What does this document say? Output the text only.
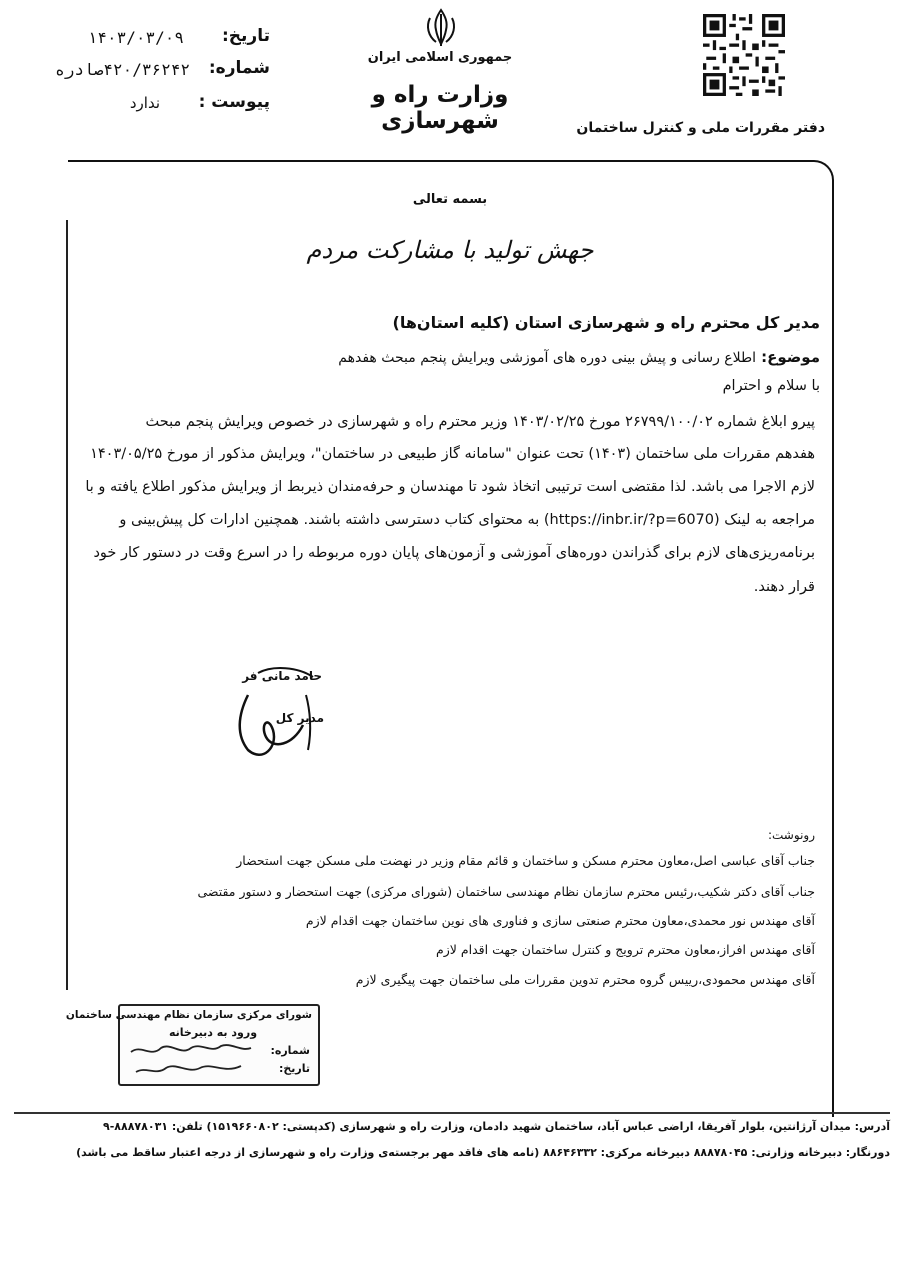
جمهوری اسلامی ایران
وزارت راه و شهرسازی	دفتر مقررات ملی و کنترل ساختمان
تاریخ:
۱۴۰۳/۰۳/۰۹
شماره:
۴۲۰/۳۶۲۴۲صادره
پیوست :
ندارد
بسمه تعالی
جهش تولید با مشارکت مردم
مدیر کل محترم راه و شهرسازی استان (کلیه استان‌ها)
موضوع: اطلاع رسانی و پیش بینی دوره های آموزشی ویرایش پنجم مبحث هفدهم
با سلام و احترام
پیرو ابلاغ شماره ۲۶۷۹۹/۱۰۰/۰۲ مورخ ۱۴۰۳/۰۲/۲۵ وزیر محترم راه و شهرسازی در خصوص ویرایش پنجم مبحث
هفدهم مقررات ملی ساختمان (۱۴۰۳) تحت عنوان "سامانه گاز طبیعی در ساختمان"، ویرایش مذکور از مورخ ۱۴۰۳/۰۵/۲۵
لازم الاجرا می باشد. لذا مقتضی است ترتیبی اتخاذ شود تا مهندسان و حرفه‌مندان ذیربط از ویرایش مذکور اطلاع یافته و با
مراجعه به لینک (https://inbr.ir/?p=6070) به محتوای کتاب دسترسی داشته باشند. همچنین ادارات کل پیش‌بینی و
برنامه‌ریزی‌های لازم برای گذراندن دوره‌های آموزشی و آزمون‌های پایان دوره مربوطه را در اسرع وقت در دستور کار خود
قرار دهند.
حامد مانی فر
مدیر کل
رونوشت:
جناب آقای عباسی اصل،معاون محترم مسکن و ساختمان و قائم مقام وزیر در نهضت ملی مسکن جهت استحضار
جناب آقای دکتر شکیب،رئیس محترم سازمان نظام مهندسی ساختمان (شورای مرکزی) جهت استحضار و دستور مقتضی
آقای مهندس نور محمدی،معاون محترم صنعتی سازی و فناوری های نوین ساختمان جهت اقدام لازم
آقای مهندس افراز،معاون محترم ترویج و کنترل ساختمان جهت اقدام لازم
آقای مهندس محمودی،رییس گروه محترم تدوین مقررات ملی ساختمان جهت پیگیری لازم
شورای مرکزی سازمان نظام مهندسی ساختمان
ورود به دبیرخانه
شماره:
تاریخ:
آدرس: میدان آرژانتین، بلوار آفریقا، اراضی عباس آباد، ساختمان شهید دادمان، وزارت راه و شهرسازی (کدپستی: ۱۵۱۹۶۶۰۸۰۲) تلفن: ۸۸۸۷۸۰۳۱-۹
دورنگار: دبیرخانه وزارتی: ۸۸۸۷۸۰۴۵ دبیرخانه مرکزی: ۸۸۶۴۶۳۳۲ (نامه های فاقد مهر برجسته‌ی وزارت راه و شهرسازی از درجه اعتبار ساقط می باشد)
